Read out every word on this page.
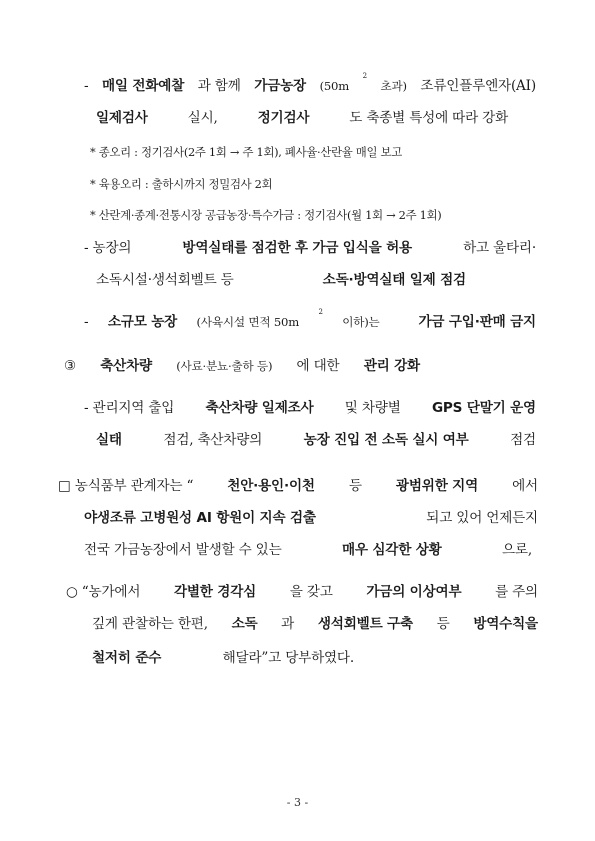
- 매일 전화예찰 과 함께 가금농장 (50m
2
초과) 조류인플루엔자(AI)
일제검사	실시,	정기검사	도 축종별 특성에 따라 강화
* 종오리 : 정기검사(2주 1회 → 주 1회), 폐사율·산란율 매일 보고
* 육용오리 : 출하시까지 정밀검사 2회
* 산란계·종계·전통시장 공급농장·특수가금 : 정기검사(월 1회 → 2주 1회)
- 농장의	방역실태를 점검한 후 가금 입식을 허용	하고 울타리·
소독시설·생석회벨트 등	소독·방역실태 일제 점검
- 소규모 농장 (사육시설 면적 50m
2
이하)는	가금 구입·판매 금지
③ 축산차량 (사료·분뇨·출하 등) 에 대한 관리 강화
- 관리지역 출입 축산차량 일제조사 및 차량별 GPS 단말기 운영
실태	점검, 축산차량의	농장 진입 전 소독 실시 여부	점검
□ 농식품부 관계자는 “	천안·용인·이천	등	광범위한 지역	에서
야생조류 고병원성 AI 항원이 지속 검출	되고 있어 언제든지
전국 가금농장에서 발생할 수 있는	매우 심각한 상황	으로,
○ “농가에서 각별한 경각심 을 갖고 가금의 이상여부 를 주의
깊게 관찰하는 한편, 소독 과 생석회벨트 구축 등 방역수칙을
철저히 준수	해달라”고 당부하였다.
- 3 -
